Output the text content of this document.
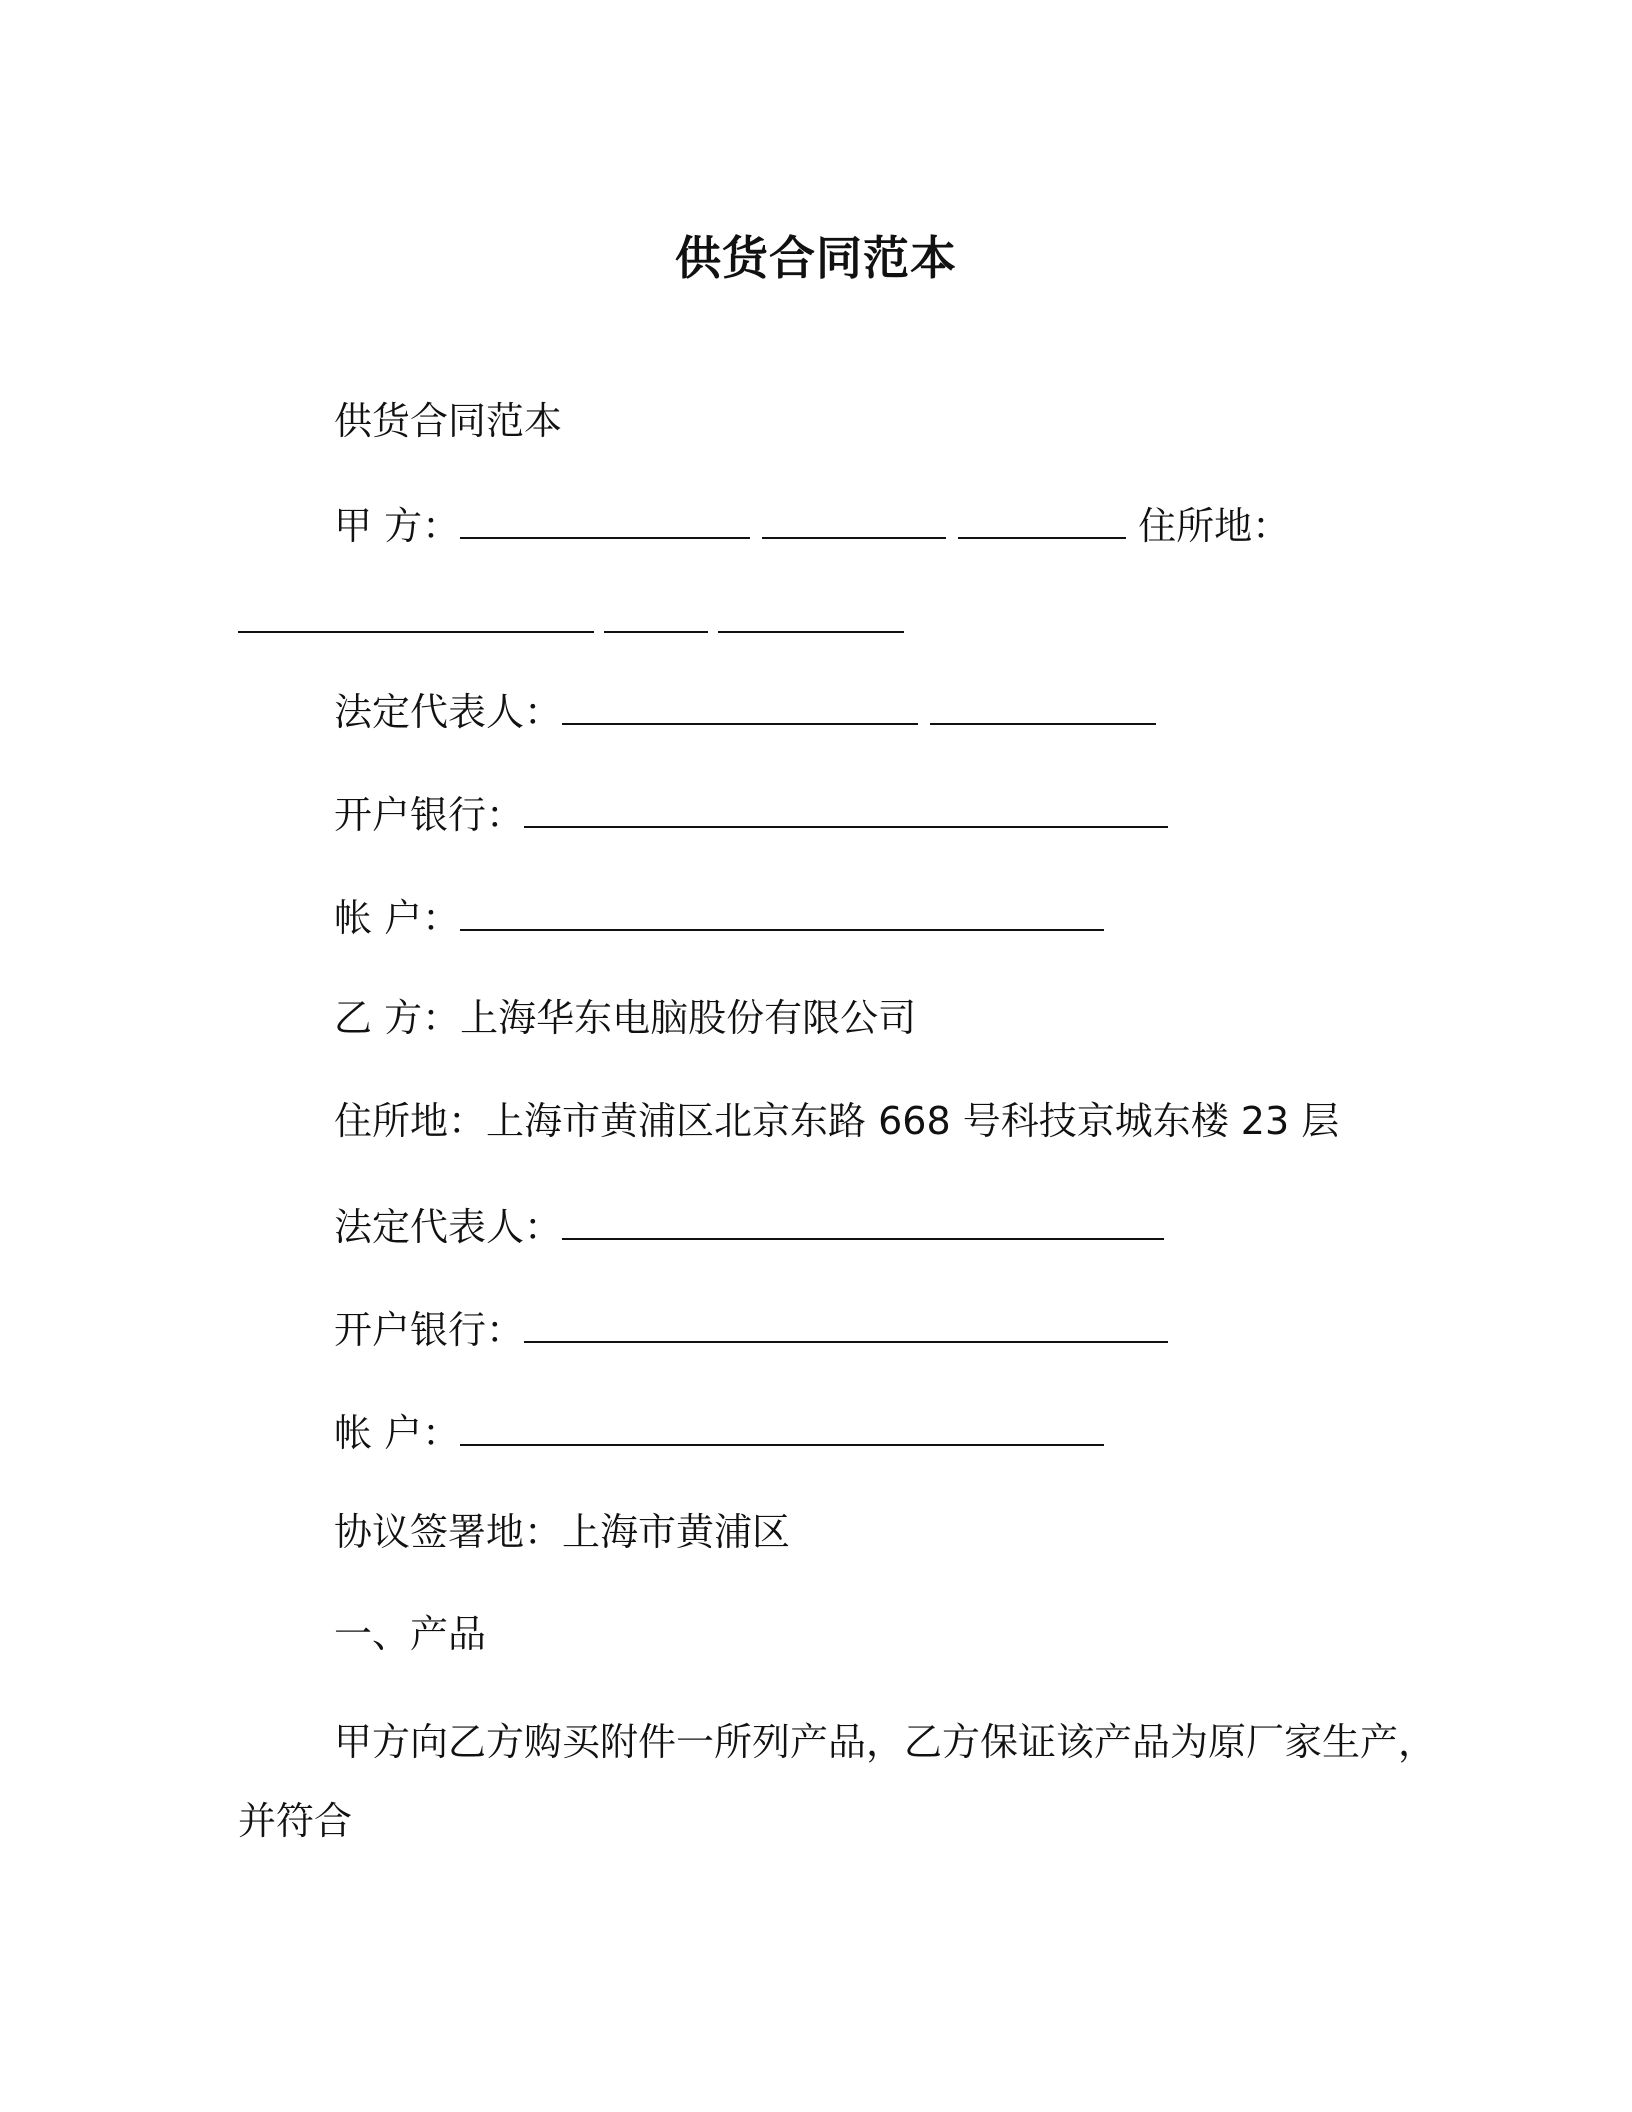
供货合同范本
供货合同范本
甲 方：	住所地：
法定代表人：
开户银行：
帐 户：
乙 方：上海华东电脑股份有限公司
住所地：上海市黄浦区北京东路 668 号科技京城东楼 23 层
法定代表人：
开户银行：
帐 户：
协议签署地：上海市黄浦区
一、产品
甲方向乙方购买附件一所列产品，乙方保证该产品为原厂家生产，
并符合
